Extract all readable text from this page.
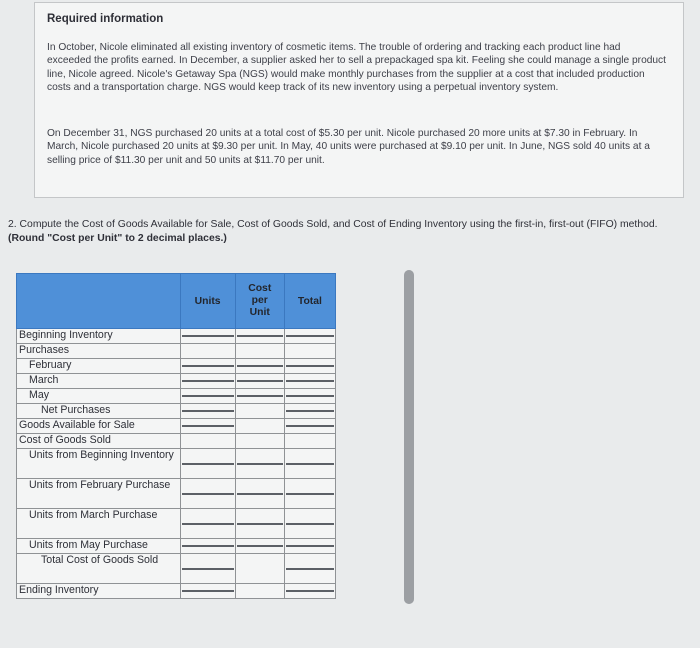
Required information
In October, Nicole eliminated all existing inventory of cosmetic items. The trouble of ordering and tracking each product line had exceeded the profits earned. In December, a supplier asked her to sell a prepackaged spa kit. Feeling she could manage a single product line, Nicole agreed. Nicole's Getaway Spa (NGS) would make monthly purchases from the supplier at a cost that included production costs and a transportation charge. NGS would keep track of its new inventory using a perpetual inventory system.
On December 31, NGS purchased 20 units at a total cost of $5.30 per unit. Nicole purchased 20 more units at $7.30 in February. In March, Nicole purchased 20 units at $9.30 per unit. In May, 40 units were purchased at $9.10 per unit. In June, NGS sold 40 units at a selling price of $11.30 per unit and 50 units at $11.70 per unit.
2. Compute the Cost of Goods Available for Sale, Cost of Goods Sold, and Cost of Ending Inventory using the first-in, first-out (FIFO) method. (Round "Cost per Unit" to 2 decimal places.)
	Units	Cost
per
Unit	Total
Beginning Inventory	

Purchases			
February	

March	

May	

Net Purchases	

Goods Available for Sale	

Cost of Goods Sold			

Units from Beginning Inventory			

Units from February Purchase			

Units from March Purchase			

Units from May Purchase	

Total Cost of Goods Sold			

Ending Inventory	
